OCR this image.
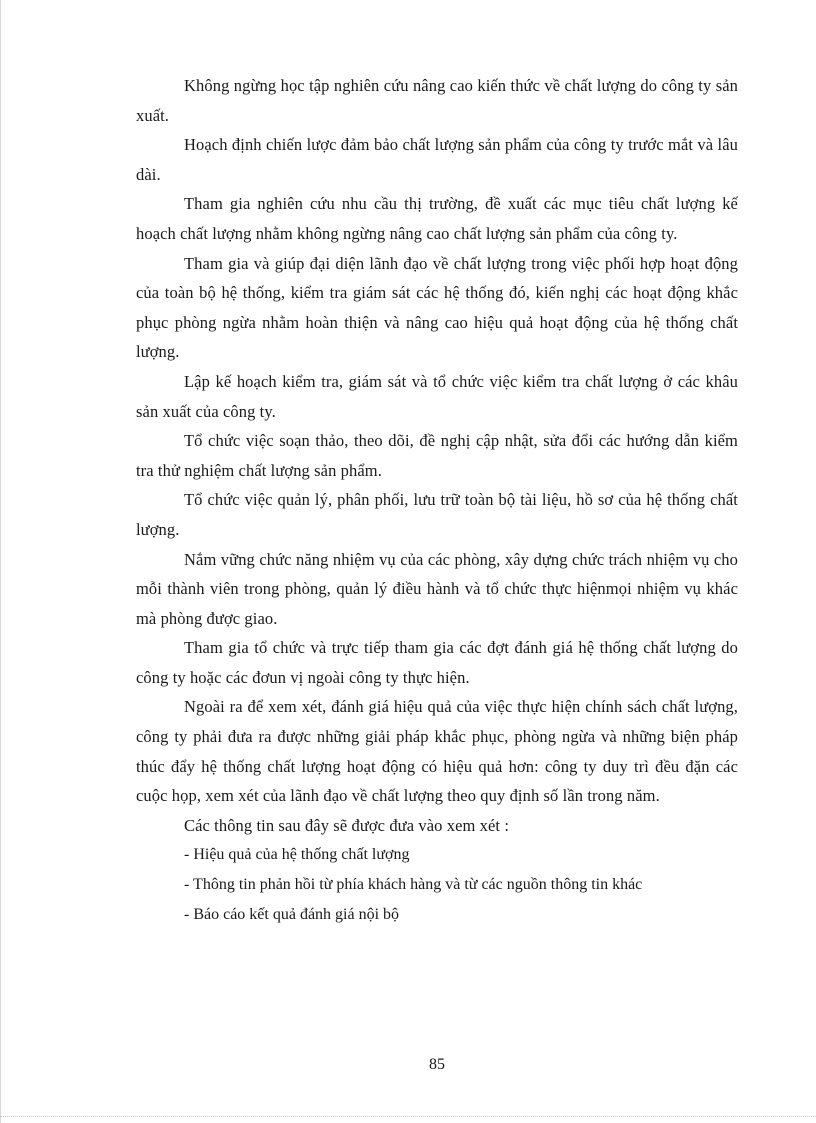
Không ngừng học tập nghiên cứu nâng cao kiến thức về chất lượng do công ty sản xuất.

Hoạch định chiến lược đảm bảo chất lượng sản phẩm của công ty trước mắt và lâu dài.

Tham gia nghiên cứu nhu cầu thị trường, đề xuất các mục tiêu chất lượng kế hoạch chất lượng nhằm không ngừng nâng cao chất lượng sản phẩm của công ty.

Tham gia và giúp đại diện lãnh đạo về chất lượng trong việc phối hợp hoạt động của toàn bộ hệ thống, kiểm tra giám sát các hệ thống đó, kiến nghị các hoạt động khắc phục phòng ngừa nhằm hoàn thiện và nâng cao hiệu quả hoạt động của hệ thống chất lượng.

Lập kế hoạch kiểm tra, giám sát và tổ chức việc kiểm tra chất lượng ở các khâu sản xuất của công ty.

Tổ chức việc soạn thảo, theo dõi, đề nghị cập nhật, sửa đổi các hướng dẫn kiểm tra thử nghiệm chất lượng sản phẩm.

Tổ chức việc quản lý, phân phối, lưu trữ toàn bộ tài liệu, hồ sơ của hệ thống chất lượng.

Nắm vững chức năng nhiệm vụ của các phòng, xây dựng chức trách nhiệm vụ cho mỗi thành viên trong phòng, quản lý điều hành và tổ chức thực hiệnmọi nhiệm vụ khác mà phòng được giao.

Tham gia tổ chức và trực tiếp tham gia các đợt đánh giá hệ thống chất lượng do công ty hoặc các đơun vị ngoài công ty thực hiện.

Ngoài ra để xem xét, đánh giá hiệu quả của việc thực hiện chính sách chất lượng, công ty phải đưa ra được những giải pháp khắc phục, phòng ngừa và những biện pháp thúc đẩy hệ thống chất lượng hoạt động có hiệu quả hơn: công ty duy trì đều đặn các cuộc họp, xem xét của lãnh đạo về chất lượng theo quy định số lần trong năm.

Các thông tin sau đây sẽ được đưa vào xem xét :

- Hiệu quả của hệ thống chất lượng

- Thông tin phản hồi từ phía khách hàng và từ các nguồn thông tin khác

- Báo cáo kết quả đánh giá nội bộ

85
